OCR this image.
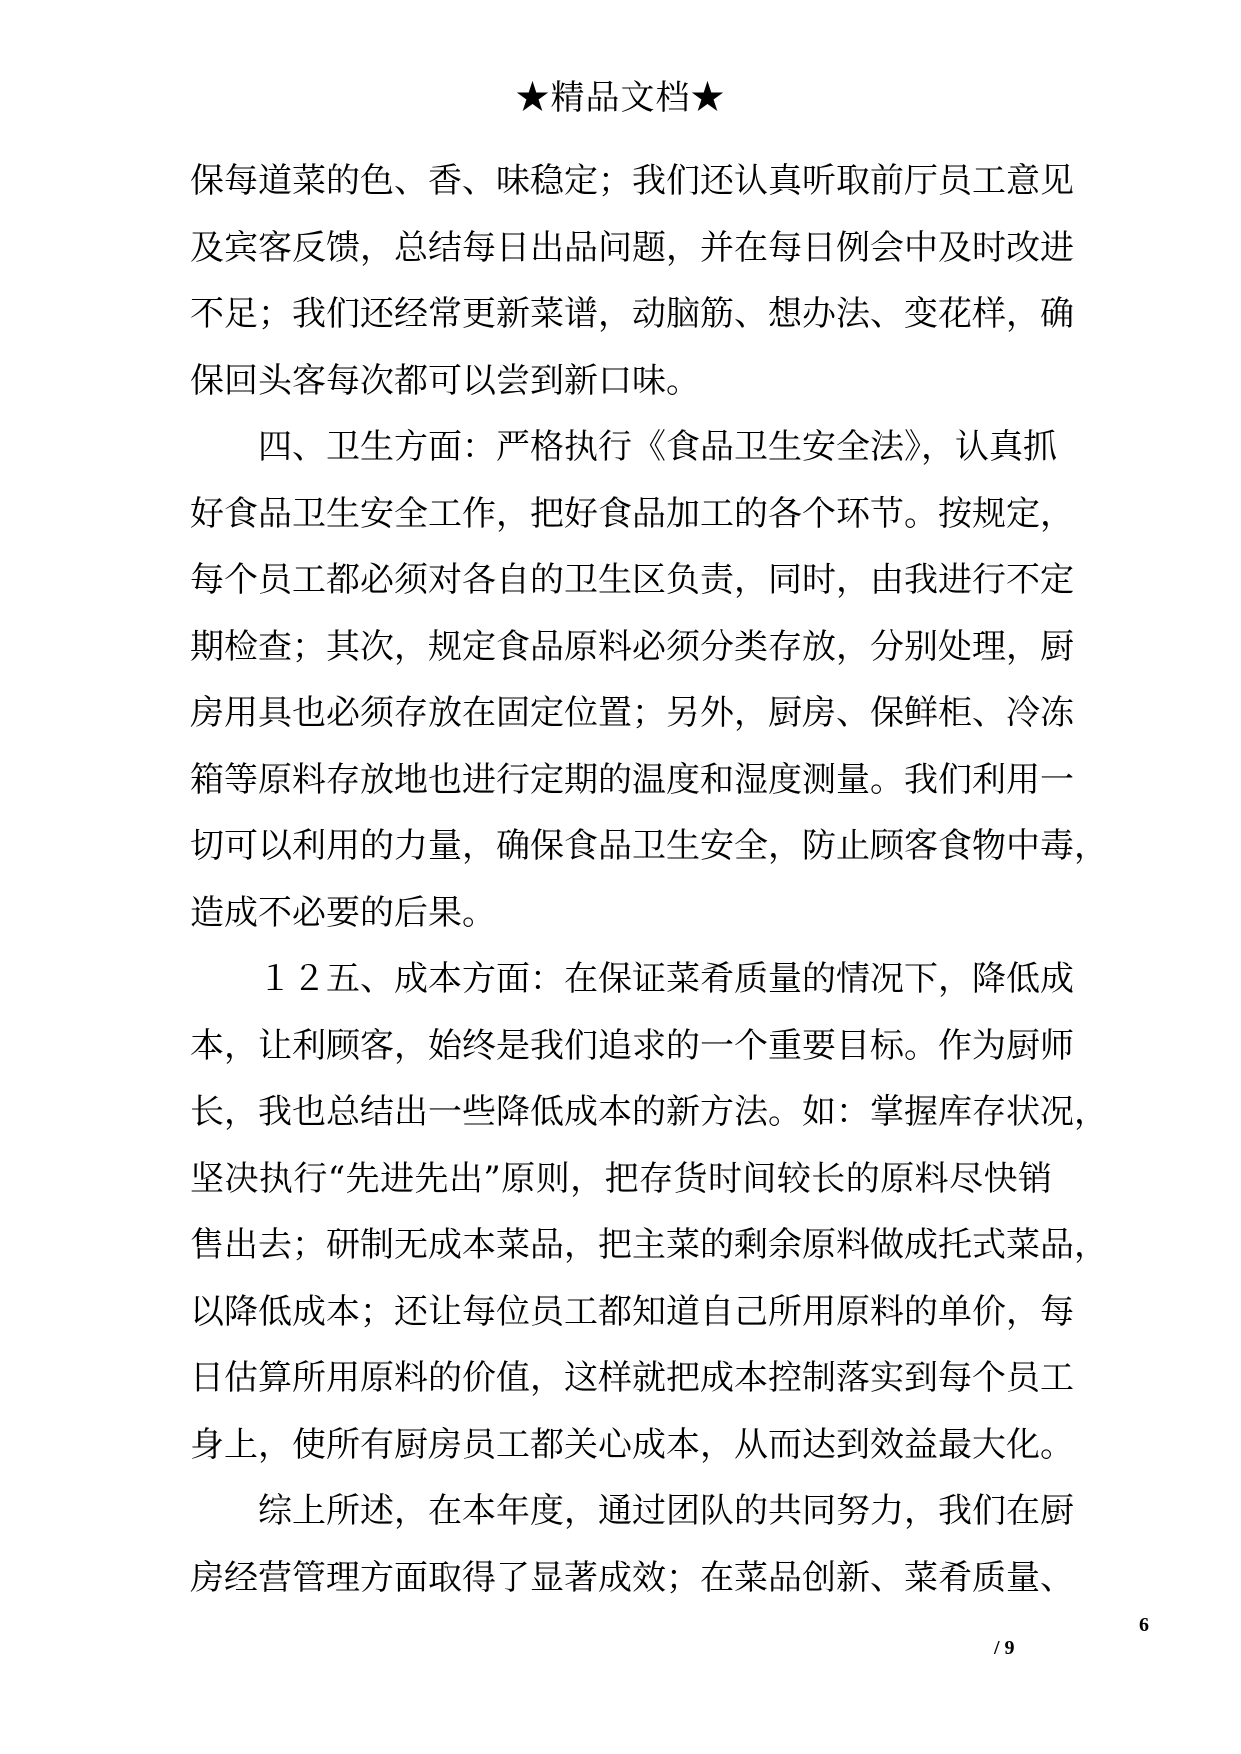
★精品文档★
保每道菜的色、香、味稳定；我们还认真听取前厅员工意见
及宾客反馈，总结每日出品问题，并在每日例会中及时改进
不足；我们还经常更新菜谱，动脑筋、想办法、变花样，确
保回头客每次都可以尝到新口味。
四、卫生方面：严格执行《食品卫生安全法》，认真抓
好食品卫生安全工作，把好食品加工的各个环节。按规定，
每个员工都必须对各自的卫生区负责，同时，由我进行不定
期检查；其次，规定食品原料必须分类存放，分别处理，厨
房用具也必须存放在固定位置；另外，厨房、保鲜柜、冷冻
箱等原料存放地也进行定期的温度和湿度测量。我们利用一
切可以利用的力量，确保食品卫生安全，防止顾客食物中毒，
造成不必要的后果。
１２五、成本方面：在保证菜肴质量的情况下，降低成
本，让利顾客，始终是我们追求的一个重要目标。作为厨师
长，我也总结出一些降低成本的新方法。如：掌握库存状况，
坚决执行“先进先出”原则，把存货时间较长的原料尽快销
售出去；研制无成本菜品，把主菜的剩余原料做成托式菜品，
以降低成本；还让每位员工都知道自己所用原料的单价，每
日估算所用原料的价值，这样就把成本控制落实到每个员工
身上，使所有厨房员工都关心成本，从而达到效益最大化。
综上所述，在本年度，通过团队的共同努力，我们在厨
房经营管理方面取得了显著成效；在菜品创新、菜肴质量、
6
/ 9
